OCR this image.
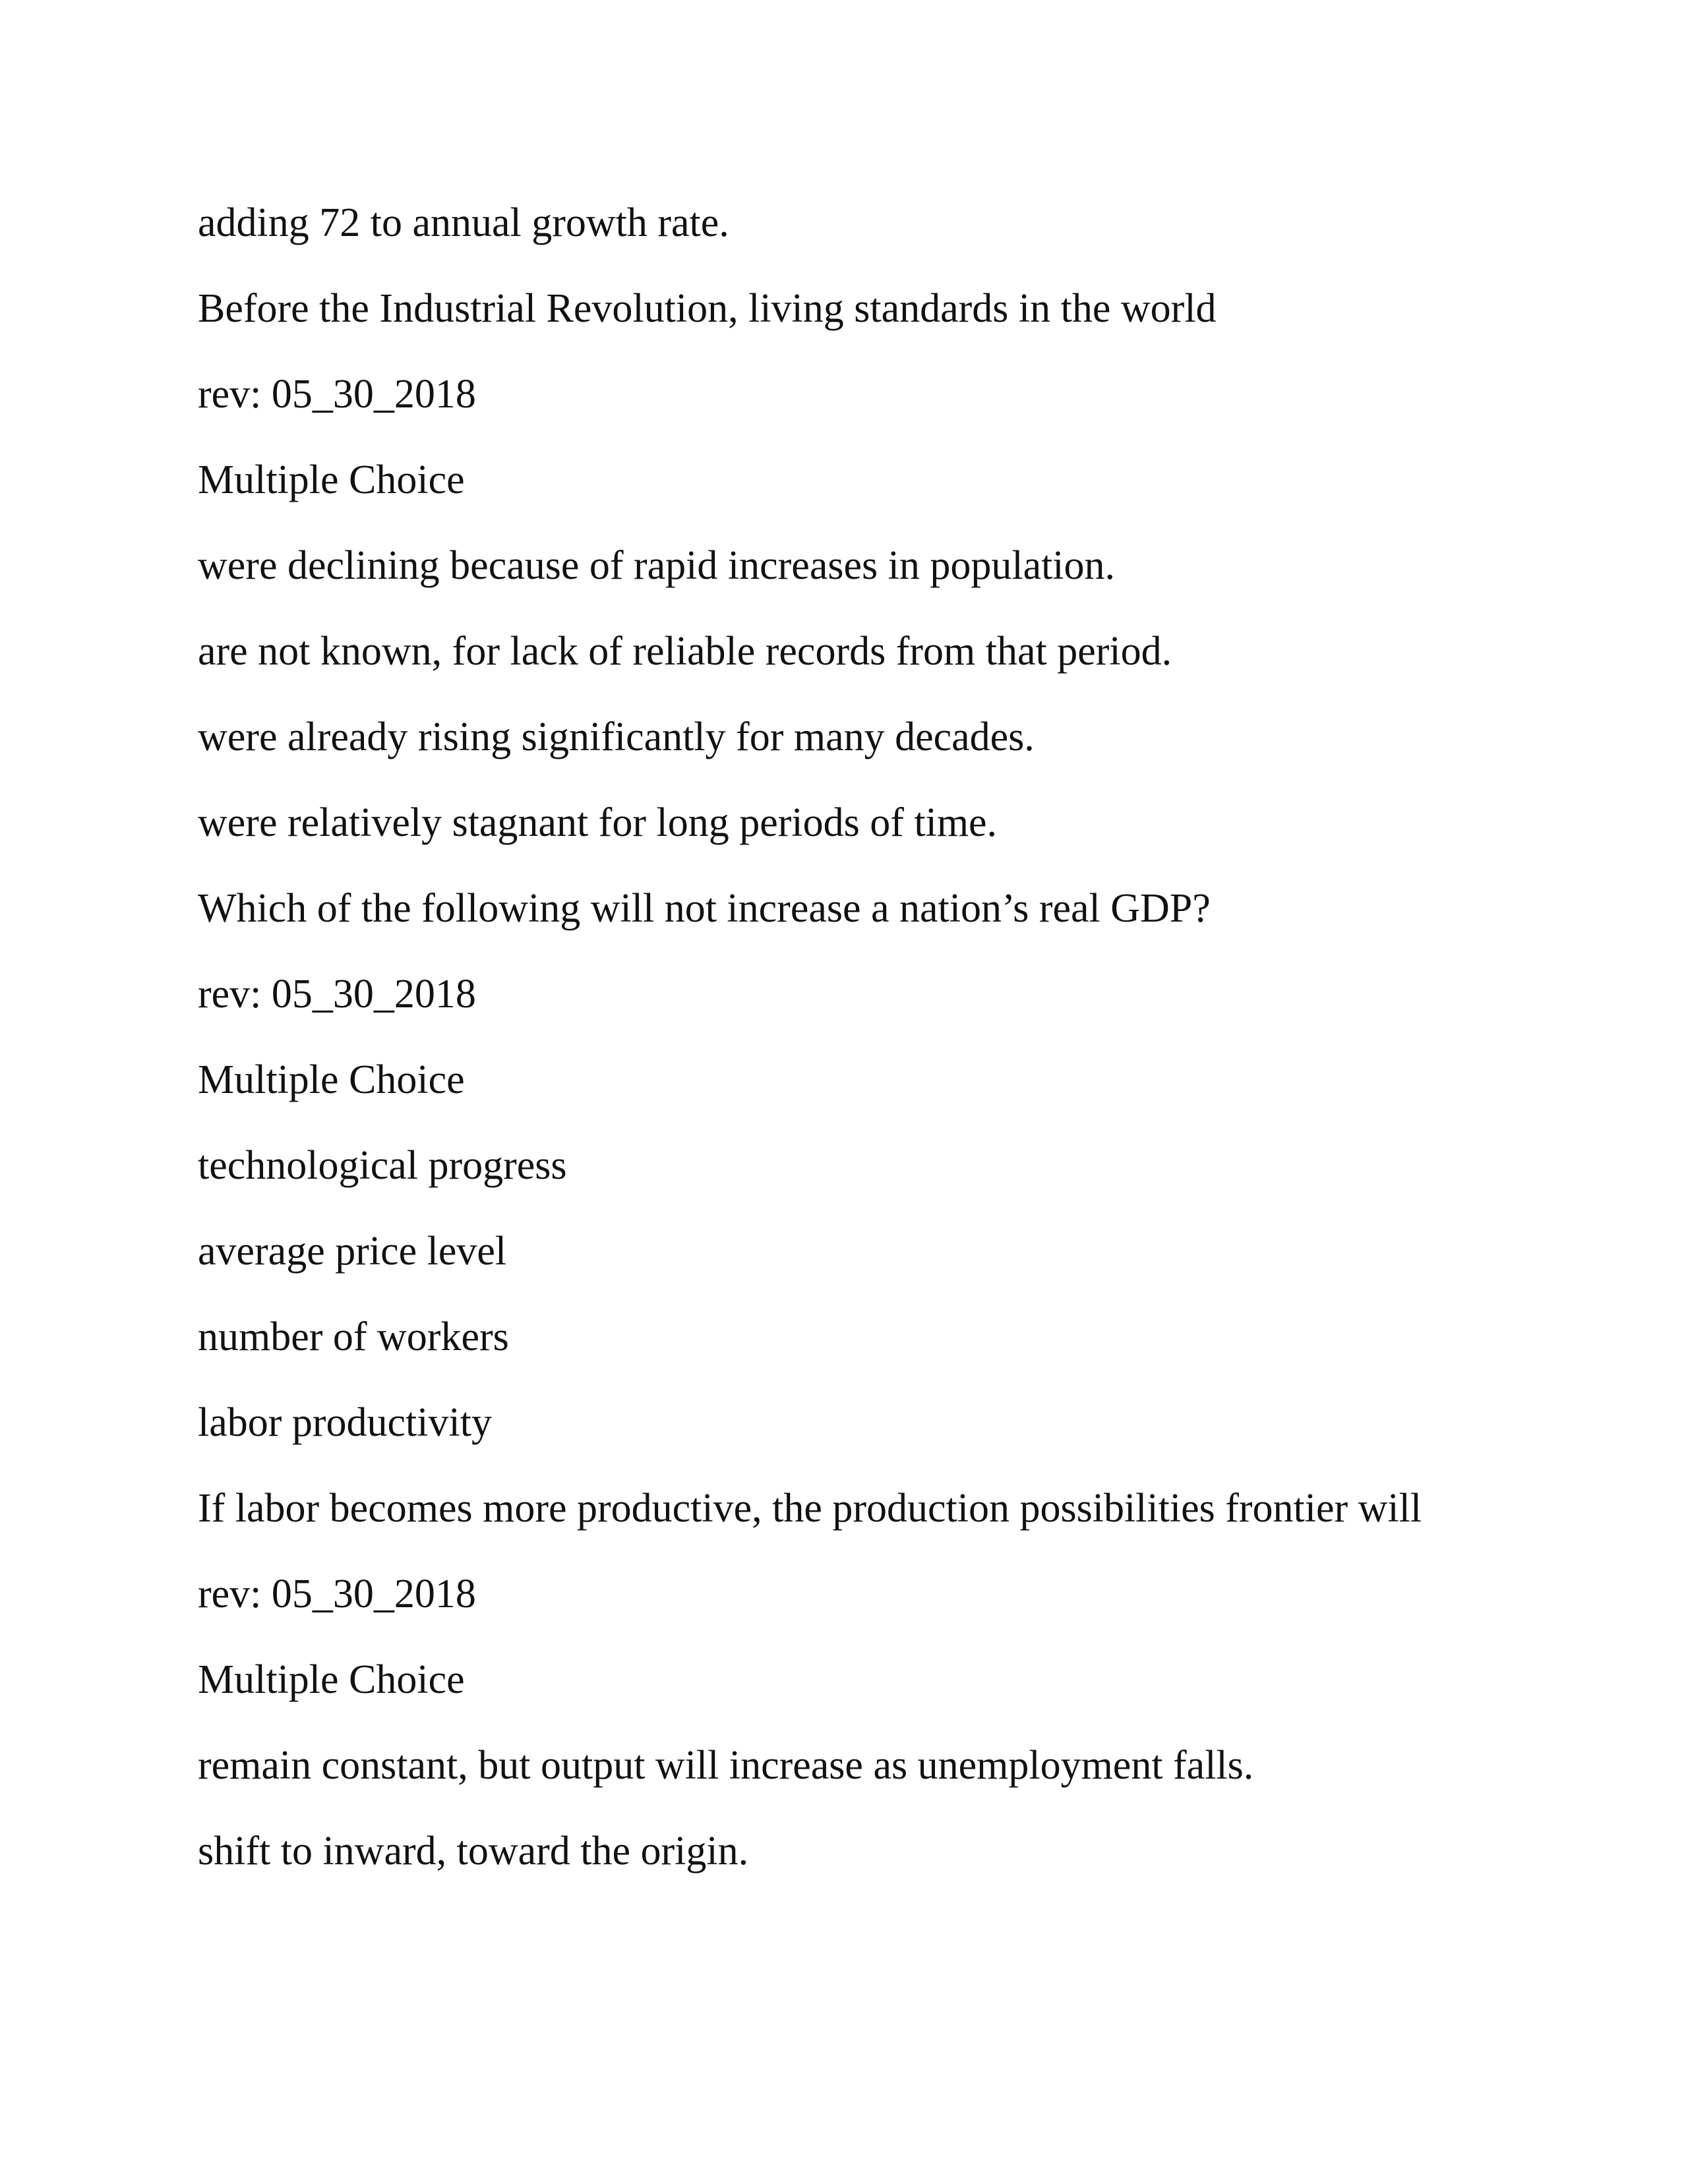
adding 72 to annual growth rate.

Before the Industrial Revolution, living standards in the world

rev: 05_30_2018

Multiple Choice

were declining because of rapid increases in population.

are not known, for lack of reliable records from that period.

were already rising significantly for many decades.

were relatively stagnant for long periods of time.

Which of the following will not increase a nation’s real GDP?

rev: 05_30_2018

Multiple Choice

technological progress

average price level

number of workers

labor productivity

If labor becomes more productive, the production possibilities frontier will

rev: 05_30_2018

Multiple Choice

remain constant, but output will increase as unemployment falls.

shift to inward, toward the origin.
